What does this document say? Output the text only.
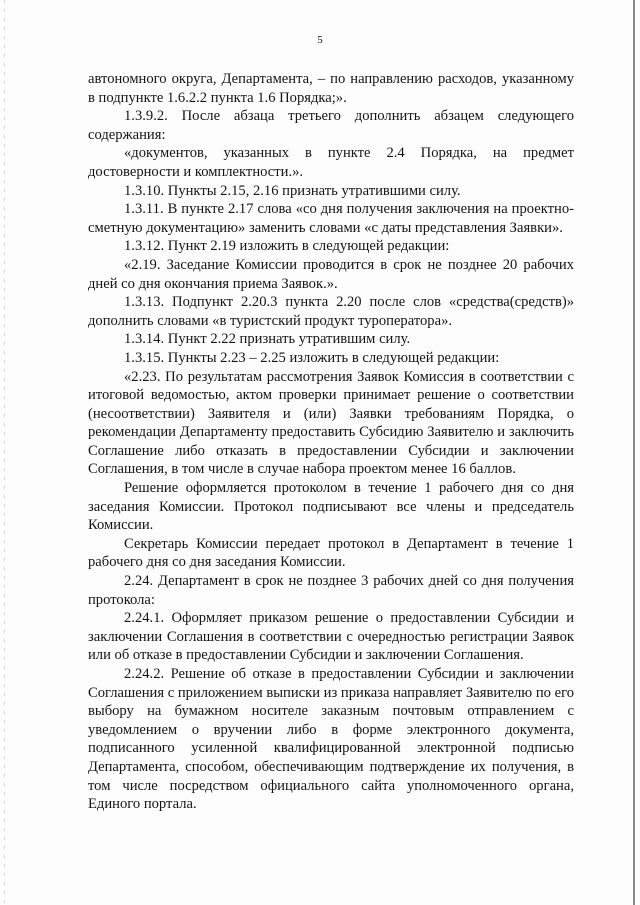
5

автономного округа, Департамента, – по направлению расходов, указанному в подпункте 1.6.2.2 пункта 1.6 Порядка;».

1.3.9.2. После абзаца третьего дополнить абзацем следующего содержания:

«документов, указанных в пункте 2.4 Порядка, на предмет достоверности и комплектности.».

1.3.10. Пункты 2.15, 2.16 признать утратившими силу.

1.3.11. В пункте 2.17 слова «со дня получения заключения на проектно-сметную документацию» заменить словами «с даты представления Заявки».

1.3.12. Пункт 2.19 изложить в следующей редакции:

«2.19. Заседание Комиссии проводится в срок не позднее 20 рабочих дней со дня окончания приема Заявок.».

1.3.13. Подпункт 2.20.3 пункта 2.20 после слов «средства(средств)» дополнить словами «в туристский продукт туроператора».

1.3.14. Пункт 2.22 признать утратившим силу.

1.3.15. Пункты 2.23 – 2.25 изложить в следующей редакции:

«2.23. По результатам рассмотрения Заявок Комиссия в соответствии с итоговой ведомостью, актом проверки принимает решение о соответствии (несоответствии) Заявителя и (или) Заявки требованиям Порядка, о рекомендации Департаменту предоставить Субсидию Заявителю и заключить Соглашение либо отказать в предоставлении Субсидии и заключении Соглашения, в том числе в случае набора проектом менее 16 баллов.

Решение оформляется протоколом в течение 1 рабочего дня со дня заседания Комиссии. Протокол подписывают все члены и председатель Комиссии.

Секретарь Комиссии передает протокол в Департамент в течение 1 рабочего дня со дня заседания Комиссии.

2.24. Департамент в срок не позднее 3 рабочих дней со дня получения протокола:

2.24.1. Оформляет приказом решение о предоставлении Субсидии и заключении Соглашения в соответствии с очередностью регистрации Заявок или об отказе в предоставлении Субсидии и заключении Соглашения.

2.24.2. Решение об отказе в предоставлении Субсидии и заключении Соглашения с приложением выписки из приказа направляет Заявителю по его выбору на бумажном носителе заказным почтовым отправлением с уведомлением о вручении либо в форме электронного документа, подписанного усиленной квалифицированной электронной подписью Департамента, способом, обеспечивающим подтверждение их получения, в том числе посредством официального сайта уполномоченного органа, Единого портала.
